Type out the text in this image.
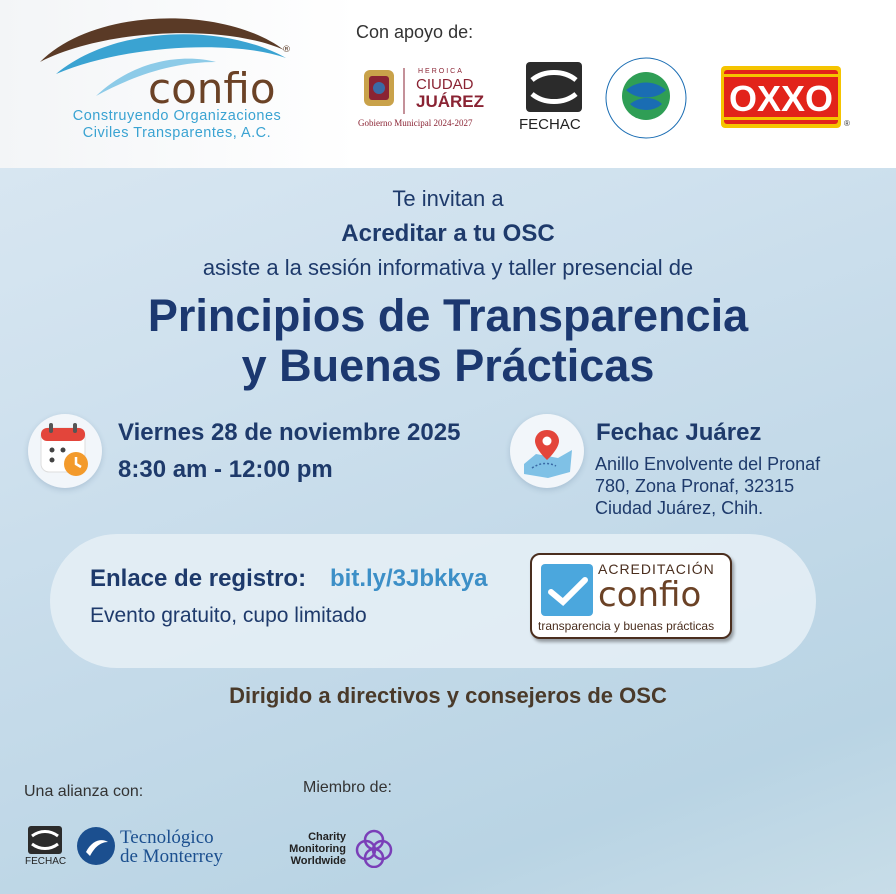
®
confio
Construyendo Organizaciones
Civiles Transparentes, A.C.
Con apoyo de:
HEROICA
CIUDAD
JUÁREZ
Gobierno Municipal 2024-2027	FECHAC
OXXO
®
Te invitan a
Acreditar a tu OSC
asiste a la sesión informativa y taller presencial de
Principios de Transparencia
y Buenas Prácticas
Viernes 28 de noviembre 2025
8:30 am - 12:00 pm
Fechac Juárez
Anillo Envolvente del Pronaf 780, Zona Pronaf, 32315 Ciudad Juárez, Chih.
Enlace de registro: bit.ly/3Jbkkya
Evento gratuito, cupo limitado
ACREDITACIÓN
confio
transparencia y buenas prácticas
Dirigido a directivos y consejeros de OSC
Una alianza con:	Miembro de:
FECHAC
Tecnológico
de Monterrey
Charity
Monitoring
Worldwide
